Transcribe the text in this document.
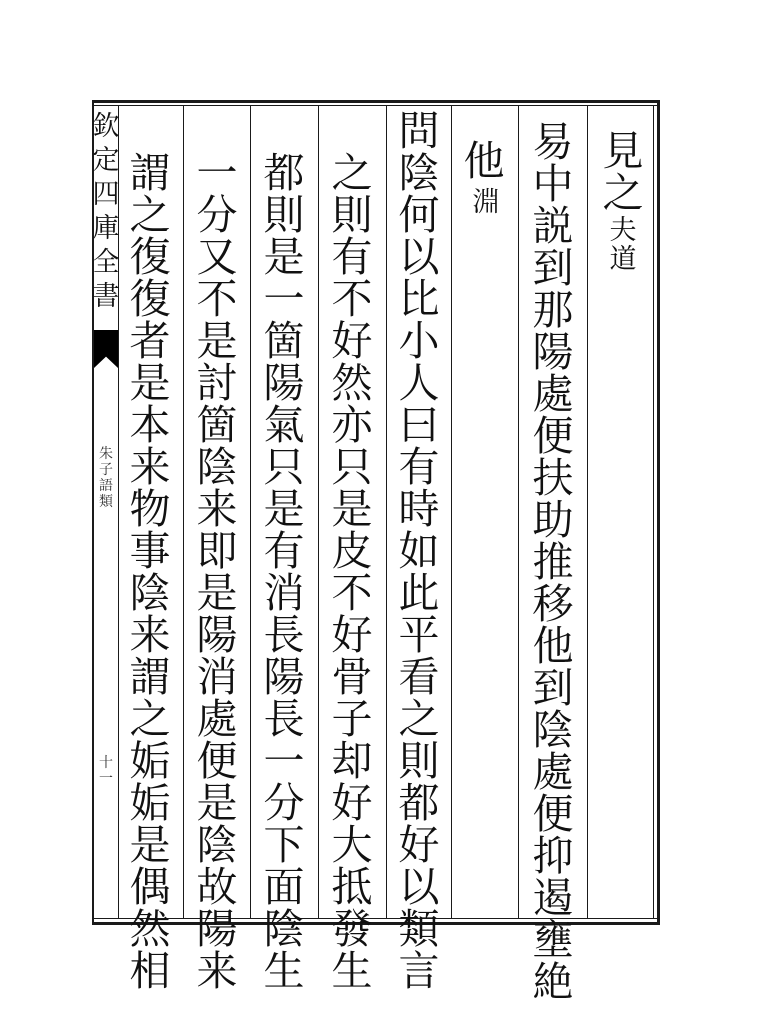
欽
定
四
庫
全
書
朱
子
語
類
十
一
見
之
夫
道
易
中
説
到
那
陽
處
便
扶
助
推
移
他
到
陰
處
便
抑
遏
壅
絶
他
淵
問
陰
何
以
比
小
人
曰
有
時
如
此
平
看
之
則
都
好
以
類
言
之
則
有
不
好
然
亦
只
是
皮
不
好
骨
子
却
好
大
抵
發
生
都
則
是
一
箇
陽
氣
只
是
有
消
長
陽
長
一
分
下
面
陰
生
一
分
又
不
是
討
箇
陰
来
即
是
陽
消
處
便
是
陰
故
陽
来
謂
之
復
復
者
是
本
来
物
事
陰
来
謂
之
姤
姤
是
偶
然
相
